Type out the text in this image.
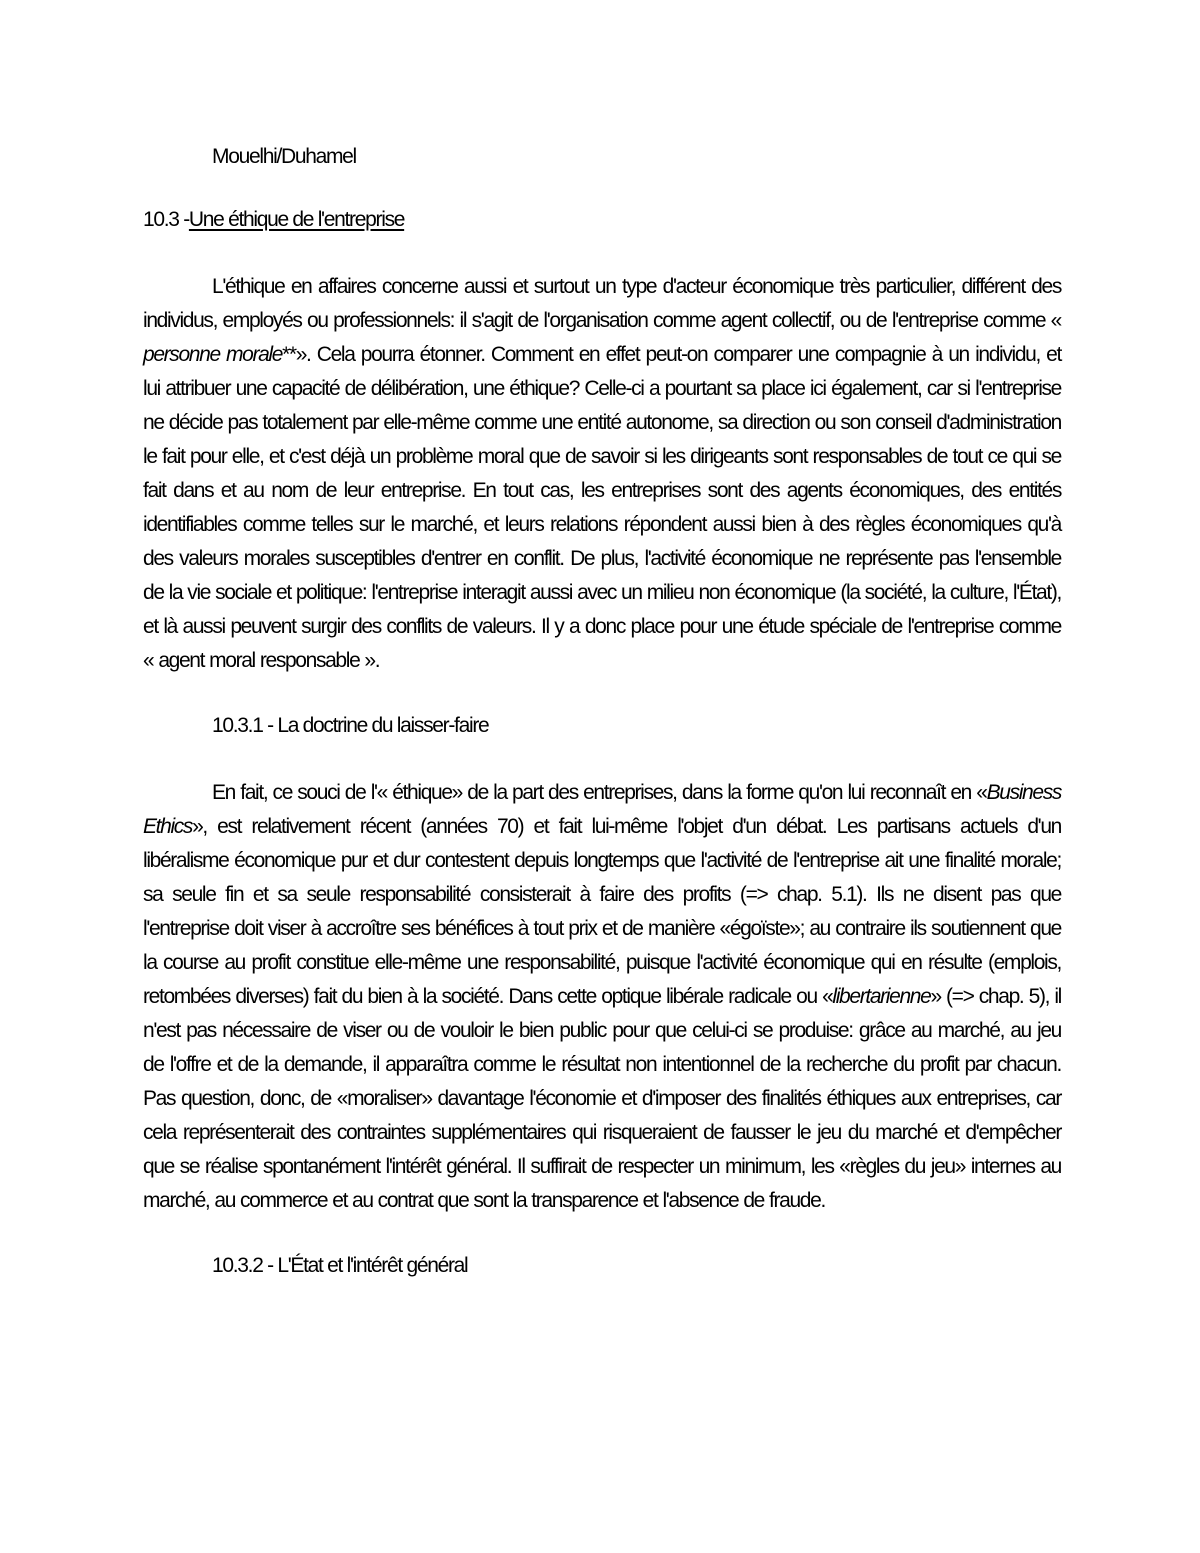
Mouelhi/Duhamel
10.3 -Une éthique de l'entreprise

L'éthique en affaires concerne aussi et surtout un type d'acteur économique très particulier, différent des individus, employés ou professionnels: il s'agit de l'organisation comme agent collectif, ou de l'entreprise comme « personne morale**». Cela pourra étonner. Comment en effet peut-on comparer une compagnie à un individu, et lui attribuer une capacité de délibération, une éthique? Celle-ci a pourtant sa place ici également, car si l'entreprise ne décide pas totalement par elle-même comme une entité autonome, sa direction ou son conseil d'administration le fait pour elle, et c'est déjà un problème moral que de savoir si les dirigeants sont responsables de tout ce qui se fait dans et au nom de leur entreprise. En tout cas, les entreprises sont des agents économiques, des entités identifiables comme telles sur le marché, et leurs relations répondent aussi bien à des règles économiques qu'à des valeurs morales susceptibles d'entrer en conflit. De plus, l'activité économique ne représente pas l'ensemble de la vie sociale et politique: l'entreprise interagit aussi avec un milieu non économique (la société, la culture, l'État), et là aussi peuvent surgir des conflits de valeurs. Il y a donc place pour une étude spéciale de l'entreprise comme « agent moral responsable ».

10.3.1 - La doctrine du laisser-faire

En fait, ce souci de l'« éthique» de la part des entreprises, dans la forme qu'on lui reconnaît en «Business Ethics», est relativement récent (années 70) et fait lui-même l'objet d'un débat. Les partisans actuels d'un libéralisme économique pur et dur contestent depuis longtemps que l'activité de l'entreprise ait une finalité morale; sa seule fin et sa seule responsabilité consisterait à faire des profits (=> chap. 5.1). Ils ne disent pas que l'entreprise doit viser à accroître ses bénéfices à tout prix et de manière «égoïste»; au contraire ils soutiennent que la course au profit constitue elle-même une responsabilité, puisque l'activité économique qui en résulte (emplois, retombées diverses) fait du bien à la société. Dans cette optique libérale radicale ou «libertarienne» (=> chap. 5), il n'est pas nécessaire de viser ou de vouloir le bien public pour que celui-ci se produise: grâce au marché, au jeu de l'offre et de la demande, il apparaîtra comme le résultat non intentionnel de la recherche du profit par chacun. Pas question, donc, de «moraliser» davantage l'économie et d'imposer des finalités éthiques aux entreprises, car cela représenterait des contraintes supplémentaires qui risqueraient de fausser le jeu du marché et d'empêcher que se réalise spontanément l'intérêt général. Il suffirait de respecter un minimum, les «règles du jeu» internes au marché, au commerce et au contrat que sont la transparence et l'absence de fraude.

10.3.2 - L'État et l'intérêt général
